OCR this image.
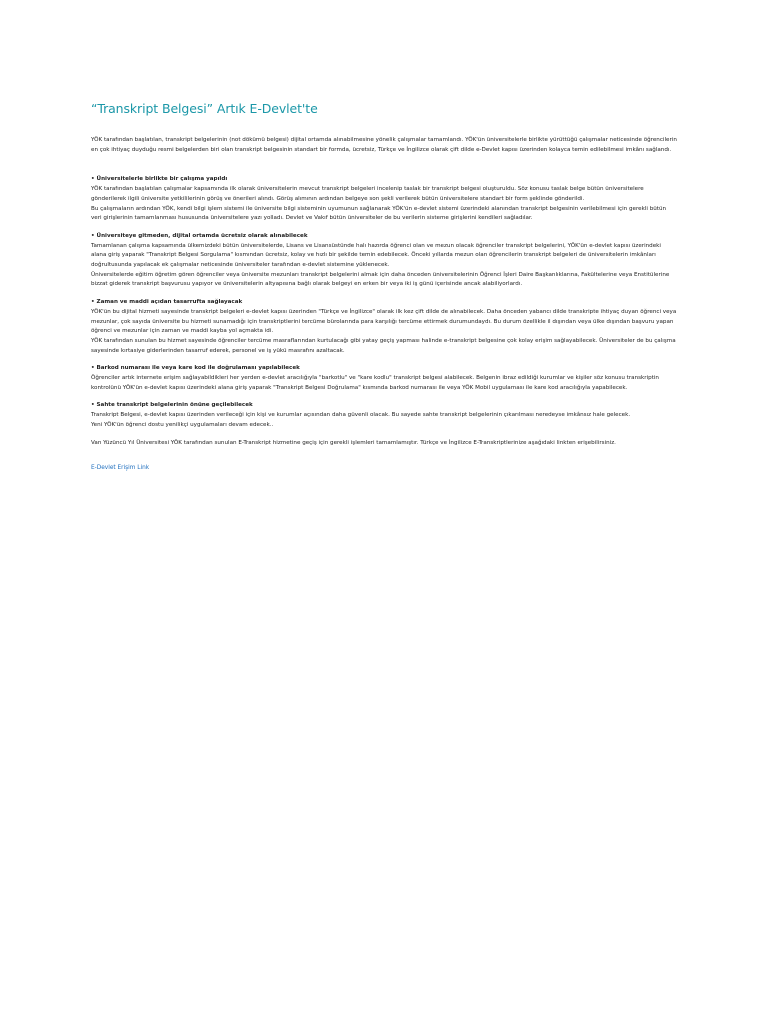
“Transkript Belgesi” Artık E-Devlet'te

YÖK tarafından başlatılan, transkript belgelerinin (not dökümü belgesi) dijital ortamda alınabilmesine yönelik çalışmalar tamamlandı. YÖK'ün üniversitelerle birlikte yürüttüğü çalışmalar neticesinde öğrencilerin en çok ihtiyaç duyduğu resmi belgelerden biri olan transkript belgesinin standart bir formda, ücretsiz, Türkçe ve İngilizce olarak çift dilde e-Devlet kapısı üzerinden kolayca temin edilebilmesi imkânı sağlandı.

• Üniversitelerle birlikte bir çalışma yapıldı

YÖK tarafından başlatılan çalışmalar kapsamında ilk olarak üniversitelerin mevcut transkript belgeleri incelenip taslak bir transkript belgesi oluşturuldu. Söz konusu taslak belge bütün üniversitelere gönderilerek ilgili üniversite yetkililerinin görüş ve önerileri alındı. Görüş alımının ardından belgeye son şekli verilerek bütün üniversitelere standart bir form şeklinde gönderildi.

Bu çalışmaların ardından YÖK, kendi bilgi işlem sistemi ile üniversite bilgi sisteminin uyumunun sağlanarak YÖK'ün e-devlet sistemi üzerindeki alanından transkript belgesinin verilebilmesi için gerekli bütün veri girişlerinin tamamlanması hususunda üniversitelere yazı yolladı. Devlet ve Vakıf bütün üniversiteler de bu verilerin sisteme girişlerini kendileri sağladılar.

• Üniversiteye gitmeden, dijital ortamda ücretsiz olarak alınabilecek

Tamamlanan çalışma kapsamında ülkemizdeki bütün üniversitelerde, Lisans ve Lisansüstünde halı hazırda öğrenci olan ve mezun olacak öğrenciler transkript belgelerini, YÖK'ün e-devlet kapısı üzerindeki alana giriş yaparak "Transkript Belgesi Sorgulama" kısmından ücretsiz, kolay ve hızlı bir şekilde temin edebilecek. Önceki yıllarda mezun olan öğrencilerin transkript belgeleri de üniversitelerin imkânları doğrultusunda yapılacak ek çalışmalar neticesinde üniversiteler tarafından e-devlet sistemine yüklenecek.

Üniversitelerde eğitim öğretim gören öğrenciler veya üniversite mezunları transkript belgelerini almak için daha önceden üniversitelerinin Öğrenci İşleri Daire Başkanlıklarına, Fakültelerine veya Enstitülerine bizzat giderek transkript başvurusu yapıyor ve üniversitelerin altyapısına bağlı olarak belgeyi en erken bir veya iki iş günü içerisinde ancak alabiliyorlardı.

• Zaman ve maddi açıdan tasarrufta sağlayacak

YÖK'ün bu dijital hizmeti sayesinde transkript belgeleri e-devlet kapısı üzerinden "Türkçe ve İngilizce" olarak ilk kez çift dilde de alınabilecek. Daha önceden yabancı dilde transkripte ihtiyaç duyan öğrenci veya mezunlar, çok sayıda üniversite bu hizmeti sunamadığı için transkriptlerini tercüme bürolarında para karşılığı tercüme ettirmek durumundaydı. Bu durum özellikle il dışından veya ülke dışından başvuru yapan öğrenci ve mezunlar için zaman ve maddi kayba yol açmakta idi.

YÖK tarafından sunulan bu hizmet sayesinde öğrenciler tercüme masraflarından kurtulacağı gibi yatay geçiş yapması halinde e-transkript belgesine çok kolay erişim sağlayabilecek. Üniversiteler de bu çalışma sayesinde kırtasiye giderlerinden tasarruf ederek, personel ve iş yükü masrafını azaltacak.

• Barkod numarası ile veya kare kod ile doğrulaması yapılabilecek

Öğrenciler artık internete erişim sağlayabildikleri her yerden e-devlet aracılığıyla "barkotlu" ve "kare kodlu" transkript belgesi alabilecek. Belgenin ibraz edildiği kurumlar ve kişiler söz konusu transkriptin kontrolünü YÖK'ün e-devlet kapısı üzerindeki alana giriş yaparak "Transkript Belgesi Doğrulama" kısmında barkod numarası ile veya YÖK Mobil uygulaması ile kare kod aracılığıyla yapabilecek.

• Sahte transkript belgelerinin önüne geçilebilecek

Transkript Belgesi, e-devlet kapısı üzerinden verileceği için kişi ve kurumlar açısından daha güvenli olacak. Bu sayede sahte transkript belgelerinin çıkarılması neredeyse imkânsız hale gelecek.

Yeni YÖK'ün öğrenci dostu yenilikçi uygulamaları devam edecek..

Van Yüzüncü Yıl Üniversitesi YÖK tarafından sunulan E-Transkript hizmetine geçiş için gerekli işlemleri tamamlamıştır. Türkçe ve İngilizce E-Transkriptlerinize aşağıdaki linkten erişebilirsiniz.

E-Devlet Erişim Link
